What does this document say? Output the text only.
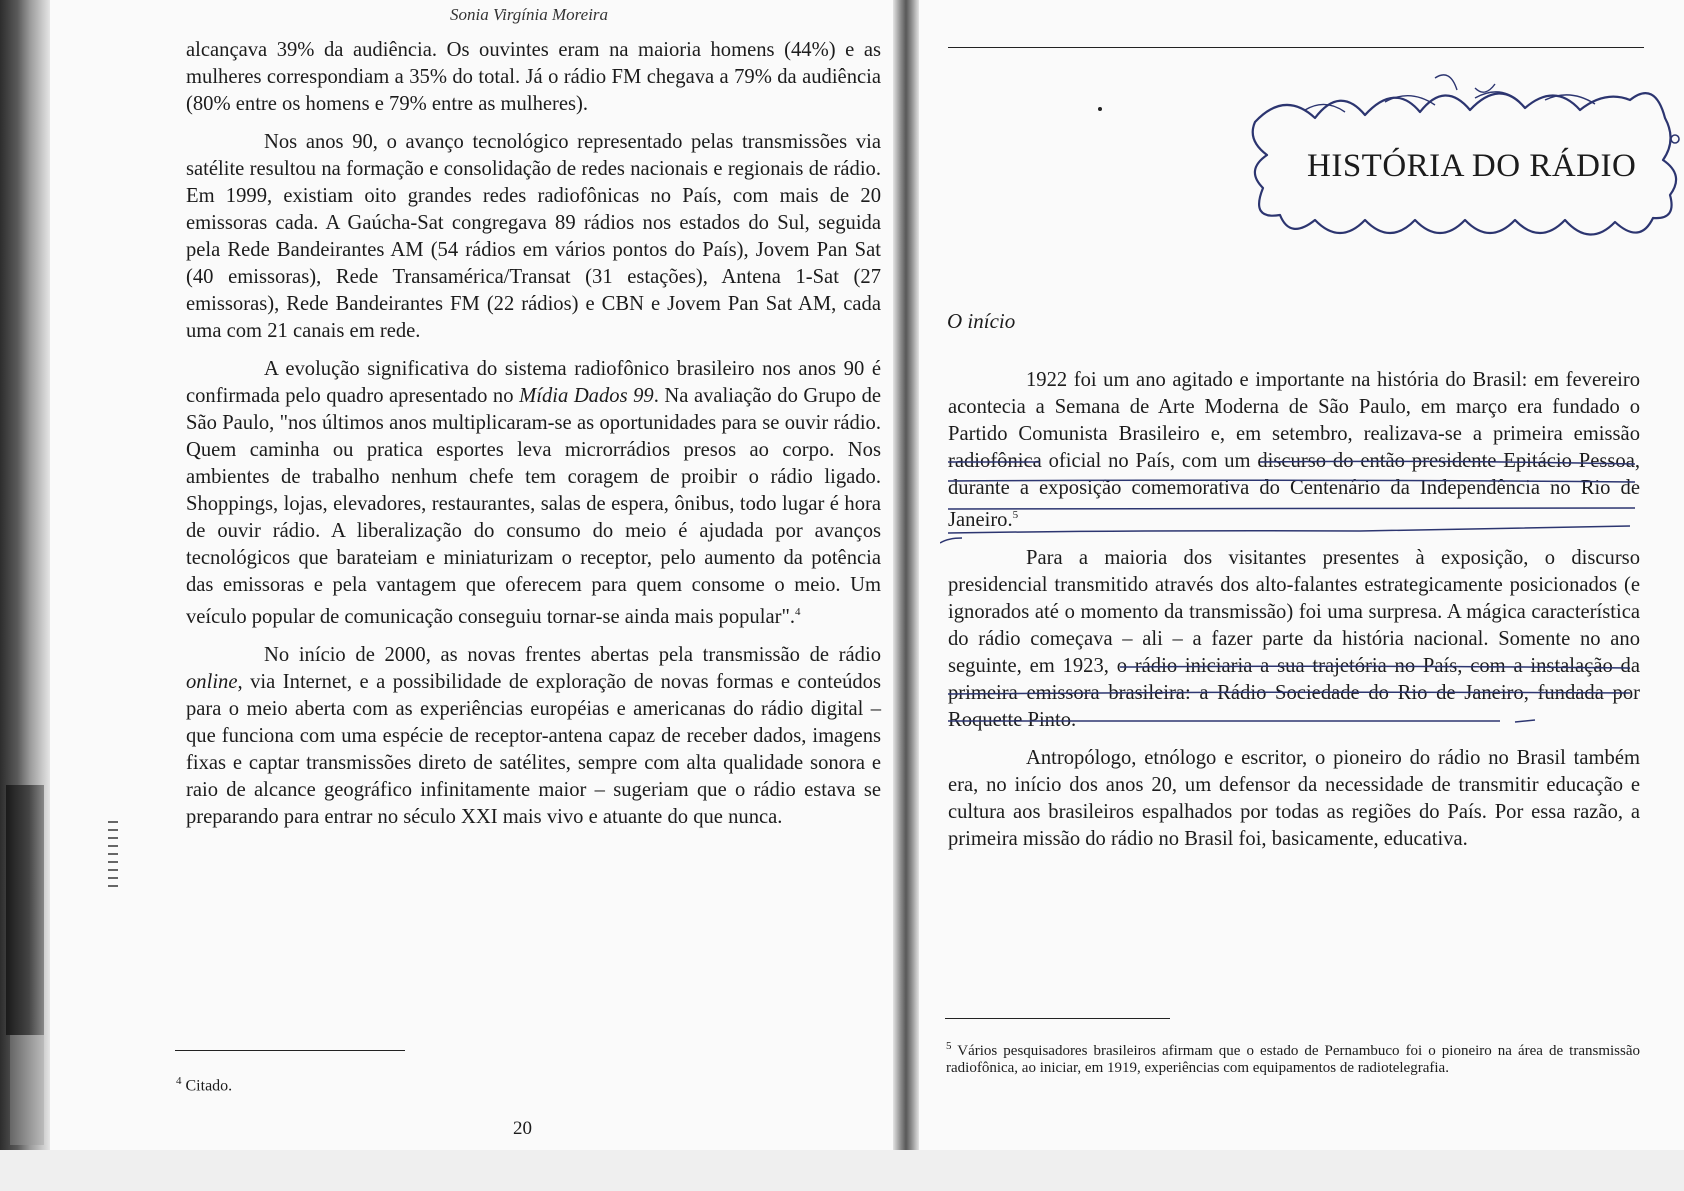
Sonia Virgínia Moreira

alcançava 39% da audiência. Os ouvintes eram na maioria homens (44%) e as mulheres correspondiam a 35% do total. Já o rádio FM chegava a 79% da audiência (80% entre os homens e 79% entre as mulheres).

Nos anos 90, o avanço tecnológico representado pelas transmissões via satélite resultou na formação e consolidação de redes nacionais e regionais de rádio. Em 1999, existiam oito grandes redes radiofônicas no País, com mais de 20 emissoras cada. A Gaúcha-Sat congregava 89 rádios nos estados do Sul, seguida pela Rede Bandeirantes AM (54 rádios em vários pontos do País), Jovem Pan Sat (40 emissoras), Rede Transamérica/Transat (31 estações), Antena 1-Sat (27 emissoras), Rede Bandeirantes FM (22 rádios) e CBN e Jovem Pan Sat AM, cada uma com 21 canais em rede.

A evolução significativa do sistema radiofônico brasileiro nos anos 90 é confirmada pelo quadro apresentado no Mídia Dados 99. Na avaliação do Grupo de São Paulo, "nos últimos anos multiplicaram-se as oportunidades para se ouvir rádio. Quem caminha ou pratica esportes leva microrrádios presos ao corpo. Nos ambientes de trabalho nenhum chefe tem coragem de proibir o rádio ligado. Shoppings, lojas, elevadores, restaurantes, salas de espera, ônibus, todo lugar é hora de ouvir rádio. A liberalização do consumo do meio é ajudada por avanços tecnológicos que barateiam e miniaturizam o receptor, pelo aumento da potência das emissoras e pela vantagem que oferecem para quem consome o meio. Um veículo popular de comunicação conseguiu tornar-se ainda mais popular".$^4$

No início de 2000, as novas frentes abertas pela transmissão de rádio online, via Internet, e a possibilidade de exploração de novas formas e conteúdos para o meio aberta com as experiências européias e americanas do rádio digital – que funciona com uma espécie de receptor-antena capaz de receber dados, imagens fixas e captar transmissões direto de satélites, sempre com alta qualidade sonora e raio de alcance geográfico infinitamente maior – sugeriam que o rádio estava se preparando para entrar no século XXI mais vivo e atuante do que nunca.

$^4$ Citado.
20
HISTÓRIA DO RÁDIO
O início

1922 foi um ano agitado e importante na história do Brasil: em fevereiro acontecia a Semana de Arte Moderna de São Paulo, em março era fundado o Partido Comunista Brasileiro e, em setembro, realizava-se a primeira emissão radiofônica oficial no País, com um discurso do então presidente Epitácio Pessoa, durante a exposição comemorativa do Centenário da Independência no Rio de Janeiro.$^5$

Para a maioria dos visitantes presentes à exposição, o discurso presidencial transmitido através dos alto-falantes estrategicamente posicionados (e ignorados até o momento da transmissão) foi uma surpresa. A mágica característica do rádio começava – ali – a fazer parte da história nacional. Somente no ano seguinte, em 1923, o rádio iniciaria a sua trajetória no País, com a instalação da primeira emissora brasileira: a Rádio Sociedade do Rio de Janeiro, fundada por Roquette Pinto.

Antropólogo, etnólogo e escritor, o pioneiro do rádio no Brasil também era, no início dos anos 20, um defensor da necessidade de transmitir educação e cultura aos brasileiros espalhados por todas as regiões do País. Por essa razão, a primeira missão do rádio no Brasil foi, basicamente, educativa.

$^5$ Vários pesquisadores brasileiros afirmam que o estado de Pernambuco foi o pioneiro na área de transmissão radiofônica, ao iniciar, em 1919, experiências com equipamentos de radiotelegrafia.
